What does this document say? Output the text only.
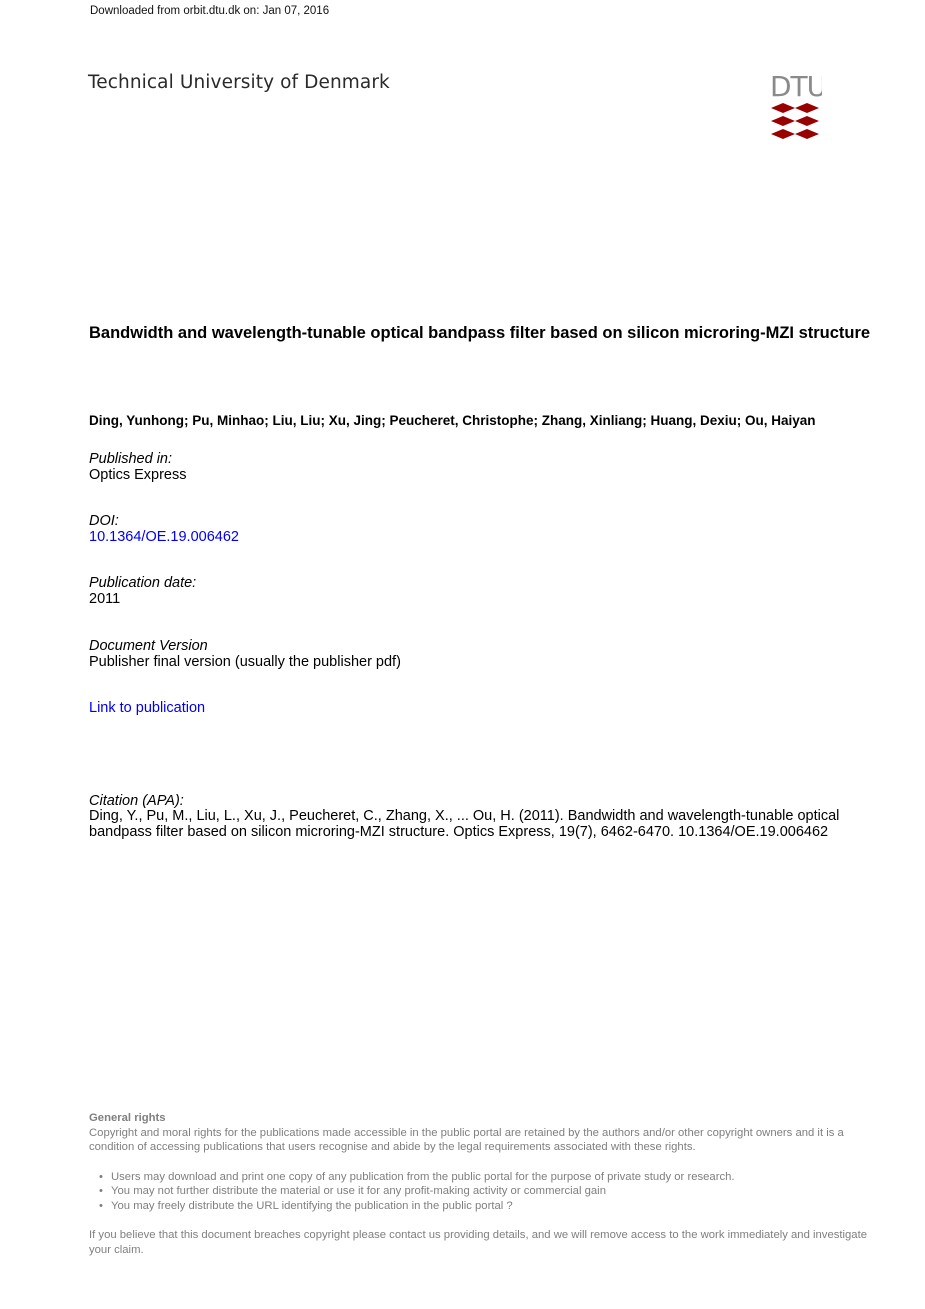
Downloaded from orbit.dtu.dk on: Jan 07, 2016
Technical University of Denmark	DTU
Bandwidth and wavelength-tunable optical bandpass filter based on silicon microring-MZI structure
Ding, Yunhong; Pu, Minhao; Liu, Liu; Xu, Jing; Peucheret, Christophe; Zhang, Xinliang; Huang, Dexiu; Ou, Haiyan
Published in:
Optics Express
DOI:
10.1364/OE.19.006462
Publication date:
2011
Document Version
Publisher final version (usually the publisher pdf)
Link to publication
Citation (APA):
Ding, Y., Pu, M., Liu, L., Xu, J., Peucheret, C., Zhang, X., ... Ou, H. (2011). Bandwidth and wavelength-tunable optical bandpass filter based on silicon microring-MZI structure. Optics Express, 19(7), 6462-6470. 10.1364/OE.19.006462
General rights
Copyright and moral rights for the publications made accessible in the public portal are retained by the authors and/or other copyright owners and it is a condition of accessing publications that users recognise and abide by the legal requirements associated with these rights.
• Users may download and print one copy of any publication from the public portal for the purpose of private study or research.
• You may not further distribute the material or use it for any profit-making activity or commercial gain
• You may freely distribute the URL identifying the publication in the public portal ?
If you believe that this document breaches copyright please contact us providing details, and we will remove access to the work immediately and investigate your claim.
